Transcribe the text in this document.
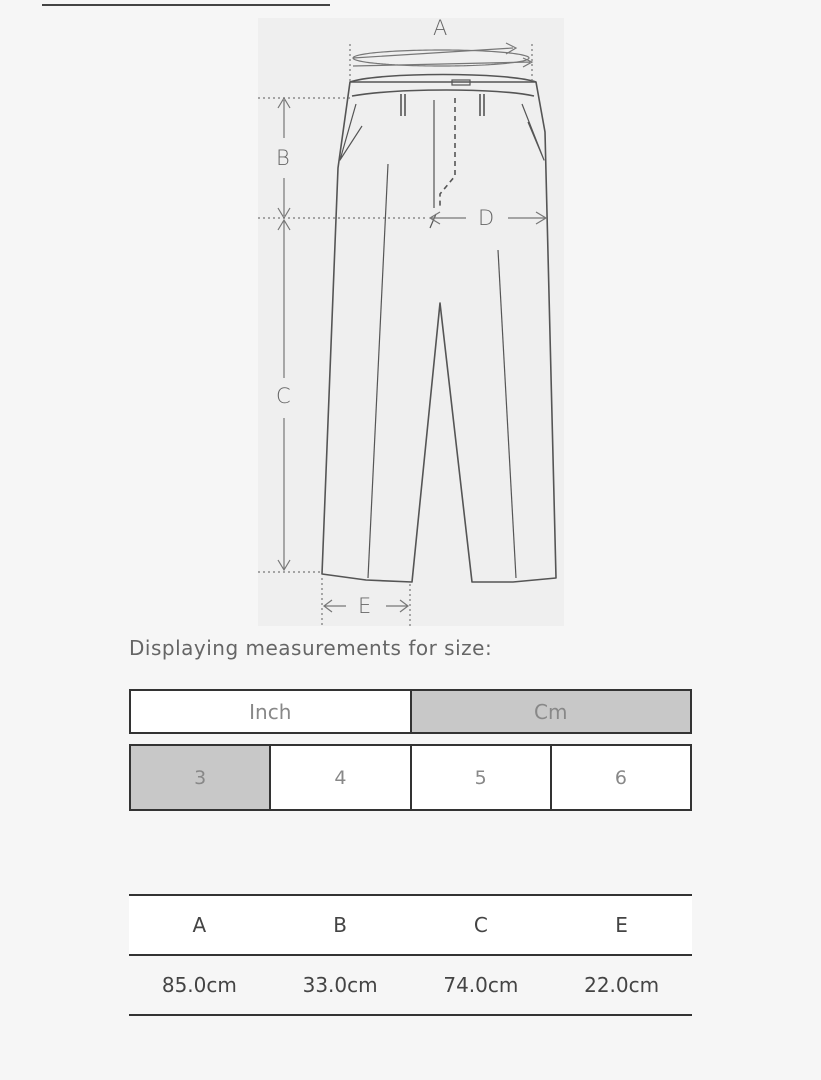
A
B
C
D
E
Displaying measurements for size:
Inch	Cm
3	4	5	6
A	B	C	E
85.0cm	33.0cm	74.0cm	22.0cm
